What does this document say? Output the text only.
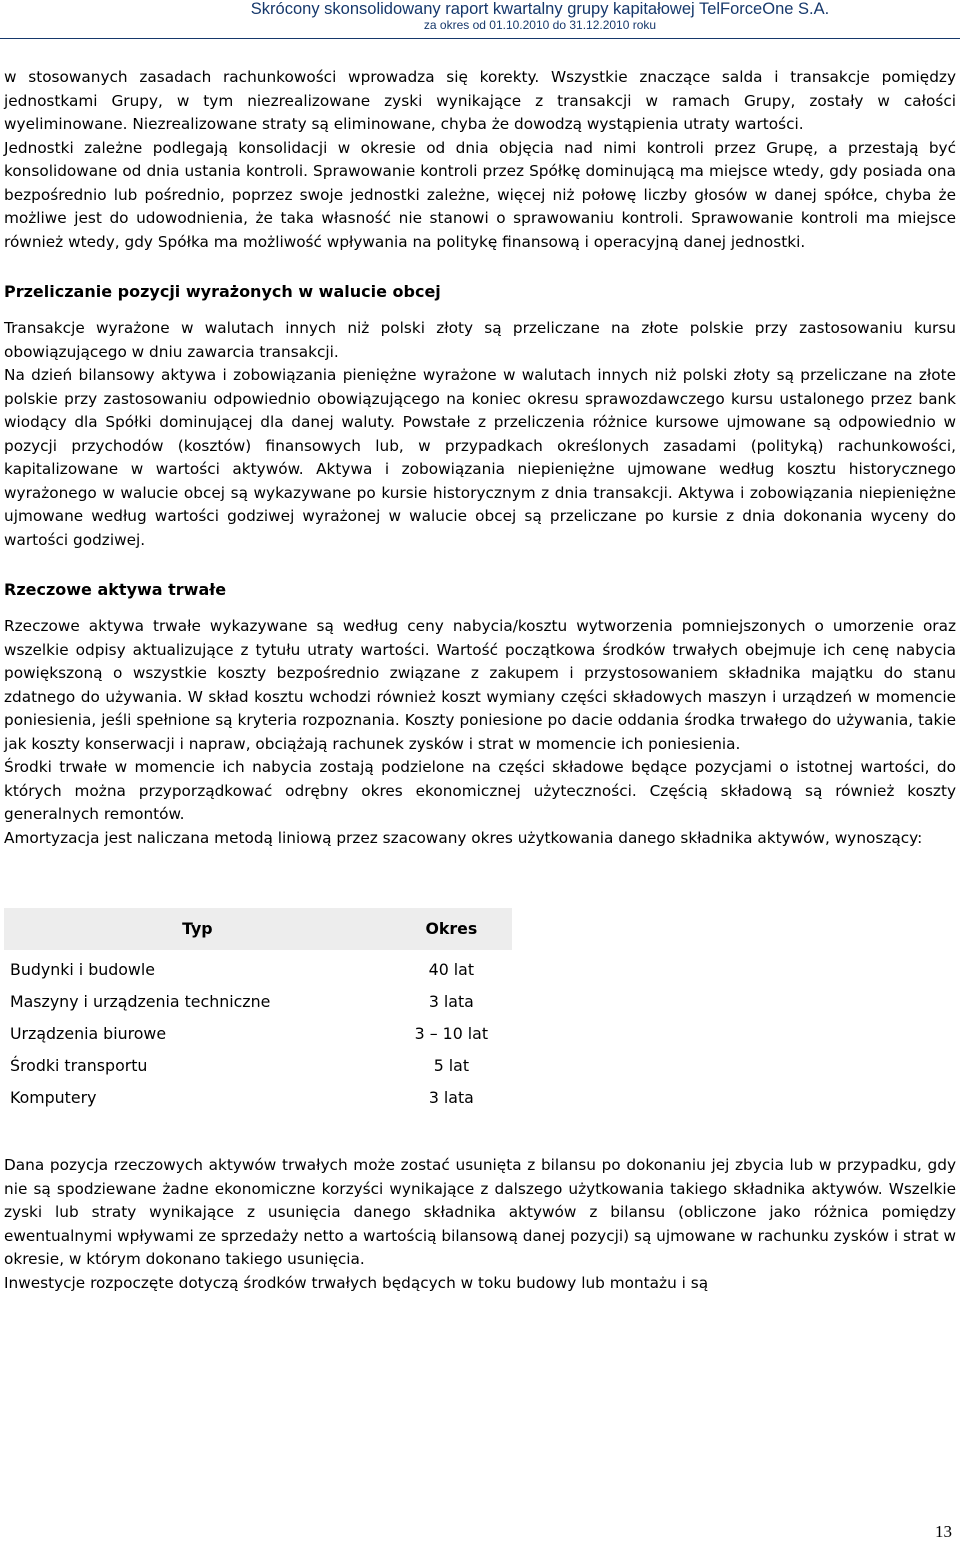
Skrócony skonsolidowany raport kwartalny grupy kapitałowej TelForceOne S.A.
za okres od 01.10.2010 do 31.12.2010 roku

w stosowanych zasadach rachunkowości wprowadza się korekty. Wszystkie znaczące salda i transakcje pomiędzy jednostkami Grupy, w tym niezrealizowane zyski wynikające z transakcji w ramach Grupy, zostały w całości wyeliminowane. Niezrealizowane straty są eliminowane, chyba że dowodzą wystąpienia utraty wartości.

Jednostki zależne podlegają konsolidacji w okresie od dnia objęcia nad nimi kontroli przez Grupę, a przestają być konsolidowane od dnia ustania kontroli. Sprawowanie kontroli przez Spółkę dominującą ma miejsce wtedy, gdy posiada ona bezpośrednio lub pośrednio, poprzez swoje jednostki zależne, więcej niż połowę liczby głosów w danej spółce, chyba że możliwe jest do udowodnienia, że taka własność nie stanowi o sprawowaniu kontroli. Sprawowanie kontroli ma miejsce również wtedy, gdy Spółka ma możliwość wpływania na politykę finansową i operacyjną danej jednostki.

Przeliczanie pozycji wyrażonych w walucie obcej

Transakcje wyrażone w walutach innych niż polski złoty są przeliczane na złote polskie przy zastosowaniu kursu obowiązującego w dniu zawarcia transakcji.

Na dzień bilansowy aktywa i zobowiązania pieniężne wyrażone w walutach innych niż polski złoty są przeliczane na złote polskie przy zastosowaniu odpowiednio obowiązującego na koniec okresu sprawozdawczego kursu ustalonego przez bank wiodący dla Spółki dominującej dla danej waluty. Powstałe z przeliczenia różnice kursowe ujmowane są odpowiednio w pozycji przychodów (kosztów) finansowych lub, w przypadkach określonych zasadami (polityką) rachunkowości, kapitalizowane w wartości aktywów. Aktywa i zobowiązania niepieniężne ujmowane według kosztu historycznego wyrażonego w walucie obcej są wykazywane po kursie historycznym z dnia transakcji. Aktywa i zobowiązania niepieniężne ujmowane według wartości godziwej wyrażonej w walucie obcej są przeliczane po kursie z dnia dokonania wyceny do wartości godziwej.

Rzeczowe aktywa trwałe

Rzeczowe aktywa trwałe wykazywane są według ceny nabycia/kosztu wytworzenia pomniejszonych o umorzenie oraz wszelkie odpisy aktualizujące z tytułu utraty wartości. Wartość początkowa środków trwałych obejmuje ich cenę nabycia powiększoną o wszystkie koszty bezpośrednio związane z zakupem i przystosowaniem składnika majątku do stanu zdatnego do używania. W skład kosztu wchodzi również koszt wymiany części składowych maszyn i urządzeń w momencie poniesienia, jeśli spełnione są kryteria rozpoznania. Koszty poniesione po dacie oddania środka trwałego do używania, takie jak koszty konserwacji i napraw, obciążają rachunek zysków i strat w momencie ich poniesienia.

Środki trwałe w momencie ich nabycia zostają podzielone na części składowe będące pozycjami o istotnej wartości, do których można przyporządkować odrębny okres ekonomicznej użyteczności. Częścią składową są również koszty generalnych remontów.

Amortyzacja jest naliczana metodą liniową przez szacowany okres użytkowania danego składnika aktywów, wynoszący:

Typ	Okres
Budynki i budowle	40 lat
Maszyny i urządzenia techniczne	3 lata
Urządzenia biurowe	3 – 10 lat
Środki transportu	5 lat
Komputery	3 lata

Dana pozycja rzeczowych aktywów trwałych może zostać usunięta z bilansu po dokonaniu jej zbycia lub w przypadku, gdy nie są spodziewane żadne ekonomiczne korzyści wynikające z dalszego użytkowania takiego składnika aktywów. Wszelkie zyski lub straty wynikające z usunięcia danego składnika aktywów z bilansu (obliczone jako różnica pomiędzy ewentualnymi wpływami ze sprzedaży netto a wartością bilansową danej pozycji) są ujmowane w rachunku zysków i strat w okresie, w którym dokonano takiego usunięcia.

Inwestycje rozpoczęte dotyczą środków trwałych będących w toku budowy lub montażu i są

13
